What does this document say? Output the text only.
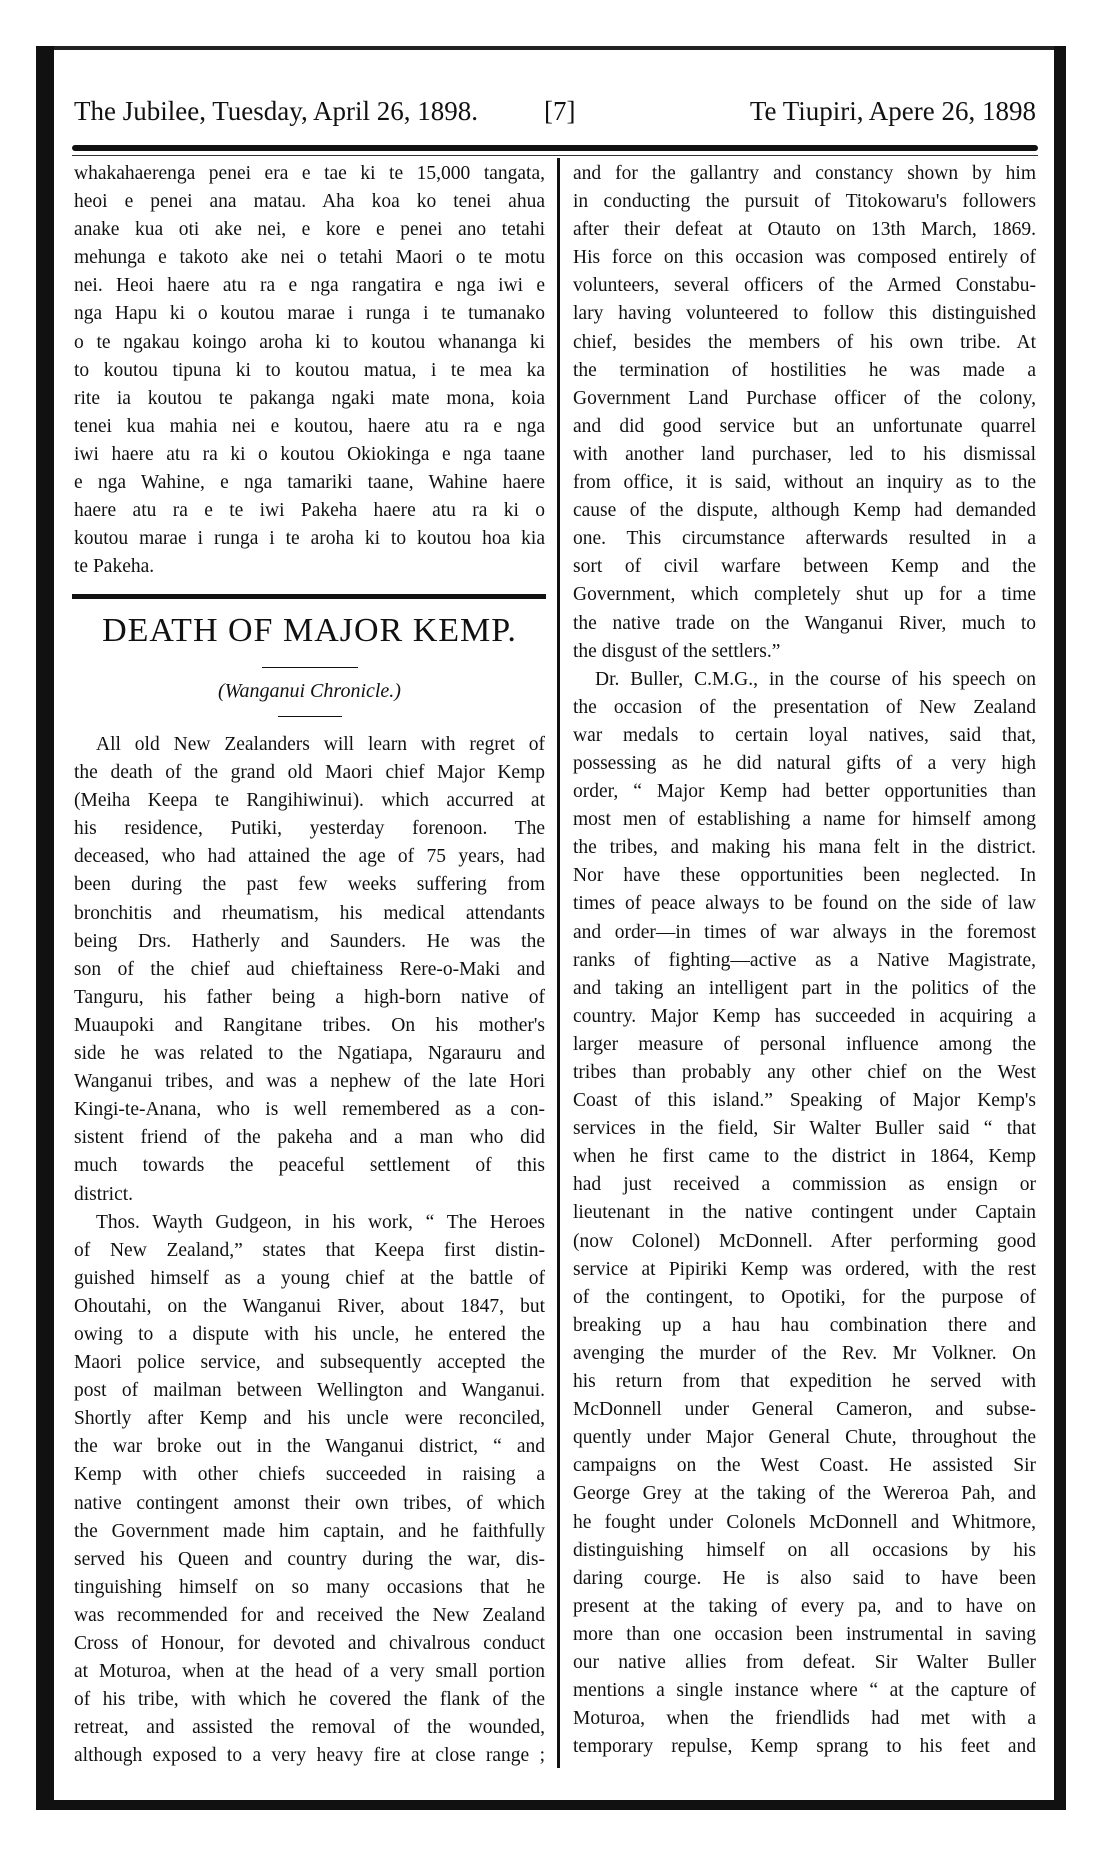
The Jubilee, Tuesday, April 26, 1898. [7]	Te Tiupiri, Apere 26, 1898
whakahaerenga penei era e tae ki te 15,000 tangata,
heoi e penei ana matau. Aha koa ko tenei ahua
anake kua oti ake nei, e kore e penei ano tetahi
mehunga e takoto ake nei o tetahi Maori o te motu
nei. Heoi haere atu ra e nga rangatira e nga iwi e
nga Hapu ki o koutou marae i runga i te tumanako
o te ngakau koingo aroha ki to koutou whananga ki
to koutou tipuna ki to koutou matua, i te mea ka
rite ia koutou te pakanga ngaki mate mona, koia
tenei kua mahia nei e koutou, haere atu ra e nga
iwi haere atu ra ki o koutou Okiokinga e nga taane
e nga Wahine, e nga tamariki taane, Wahine haere
haere atu ra e te iwi Pakeha haere atu ra ki o
koutou marae i runga i te aroha ki to koutou hoa kia
te Pakeha.
DEATH OF MAJOR KEMP.
(Wanganui Chronicle.)
All old New Zealanders will learn with regret of
the death of the grand old Maori chief Major Kemp
(Meiha Keepa te Rangihiwinui). which accurred at
his residence, Putiki, yesterday forenoon. The
deceased, who had attained the age of 75 years, had
been during the past few weeks suffering from
bronchitis and rheumatism, his medical attendants
being Drs. Hatherly and Saunders. He was the
son of the chief aud chieftainess Rere-o-Maki and
Tanguru, his father being a high-born native of
Muaupoki and Rangitane tribes. On his mother's
side he was related to the Ngatiapa, Ngarauru and
Wanganui tribes, and was a nephew of the late Hori
Kingi-te-Anana, who is well remembered as a con-
sistent friend of the pakeha and a man who did
much towards the peaceful settlement of this
district.
Thos. Wayth Gudgeon, in his work, “ The Heroes
of New Zealand,” states that Keepa first distin-
guished himself as a young chief at the battle of
Ohoutahi, on the Wanganui River, about 1847, but
owing to a dispute with his uncle, he entered the
Maori police service, and subsequently accepted the
post of mailman between Wellington and Wanganui.
Shortly after Kemp and his uncle were reconciled,
the war broke out in the Wanganui district, “ and
Kemp with other chiefs succeeded in raising a
native contingent amonst their own tribes, of which
the Government made him captain, and he faithfully
served his Queen and country during the war, dis-
tinguishing himself on so many occasions that he
was recommended for and received the New Zealand
Cross of Honour, for devoted and chivalrous conduct
at Moturoa, when at the head of a very small portion
of his tribe, with which he covered the flank of the
retreat, and assisted the removal of the wounded,
although exposed to a very heavy fire at close range ;
and for the gallantry and constancy shown by him
in conducting the pursuit of Titokowaru's followers
after their defeat at Otauto on 13th March, 1869.
His force on this occasion was composed entirely of
volunteers, several officers of the Armed Constabu-
lary having volunteered to follow this distinguished
chief, besides the members of his own tribe. At
the termination of hostilities he was made a
Government Land Purchase officer of the colony,
and did good service but an unfortunate quarrel
with another land purchaser, led to his dismissal
from office, it is said, without an inquiry as to the
cause of the dispute, although Kemp had demanded
one. This circumstance afterwards resulted in a
sort of civil warfare between Kemp and the
Government, which completely shut up for a time
the native trade on the Wanganui River, much to
the disgust of the settlers.”
Dr. Buller, C.M.G., in the course of his speech on
the occasion of the presentation of New Zealand
war medals to certain loyal natives, said that,
possessing as he did natural gifts of a very high
order, “ Major Kemp had better opportunities than
most men of establishing a name for himself among
the tribes, and making his mana felt in the district.
Nor have these opportunities been neglected. In
times of peace always to be found on the side of law
and order—in times of war always in the foremost
ranks of fighting—active as a Native Magistrate,
and taking an intelligent part in the politics of the
country. Major Kemp has succeeded in acquiring a
larger measure of personal influence among the
tribes than probably any other chief on the West
Coast of this island.” Speaking of Major Kemp's
services in the field, Sir Walter Buller said “ that
when he first came to the district in 1864, Kemp
had just received a commission as ensign or
lieutenant in the native contingent under Captain
(now Colonel) McDonnell. After performing good
service at Pipiriki Kemp was ordered, with the rest
of the contingent, to Opotiki, for the purpose of
breaking up a hau hau combination there and
avenging the murder of the Rev. Mr Volkner. On
his return from that expedition he served with
McDonnell under General Cameron, and subse-
quently under Major General Chute, throughout the
campaigns on the West Coast. He assisted Sir
George Grey at the taking of the Wereroa Pah, and
he fought under Colonels McDonnell and Whitmore,
distinguishing himself on all occasions by his
daring courge. He is also said to have been
present at the taking of every pa, and to have on
more than one occasion been instrumental in saving
our native allies from defeat. Sir Walter Buller
mentions a single instance where “ at the capture of
Moturoa, when the friendlids had met with a
temporary repulse, Kemp sprang to his feet and
